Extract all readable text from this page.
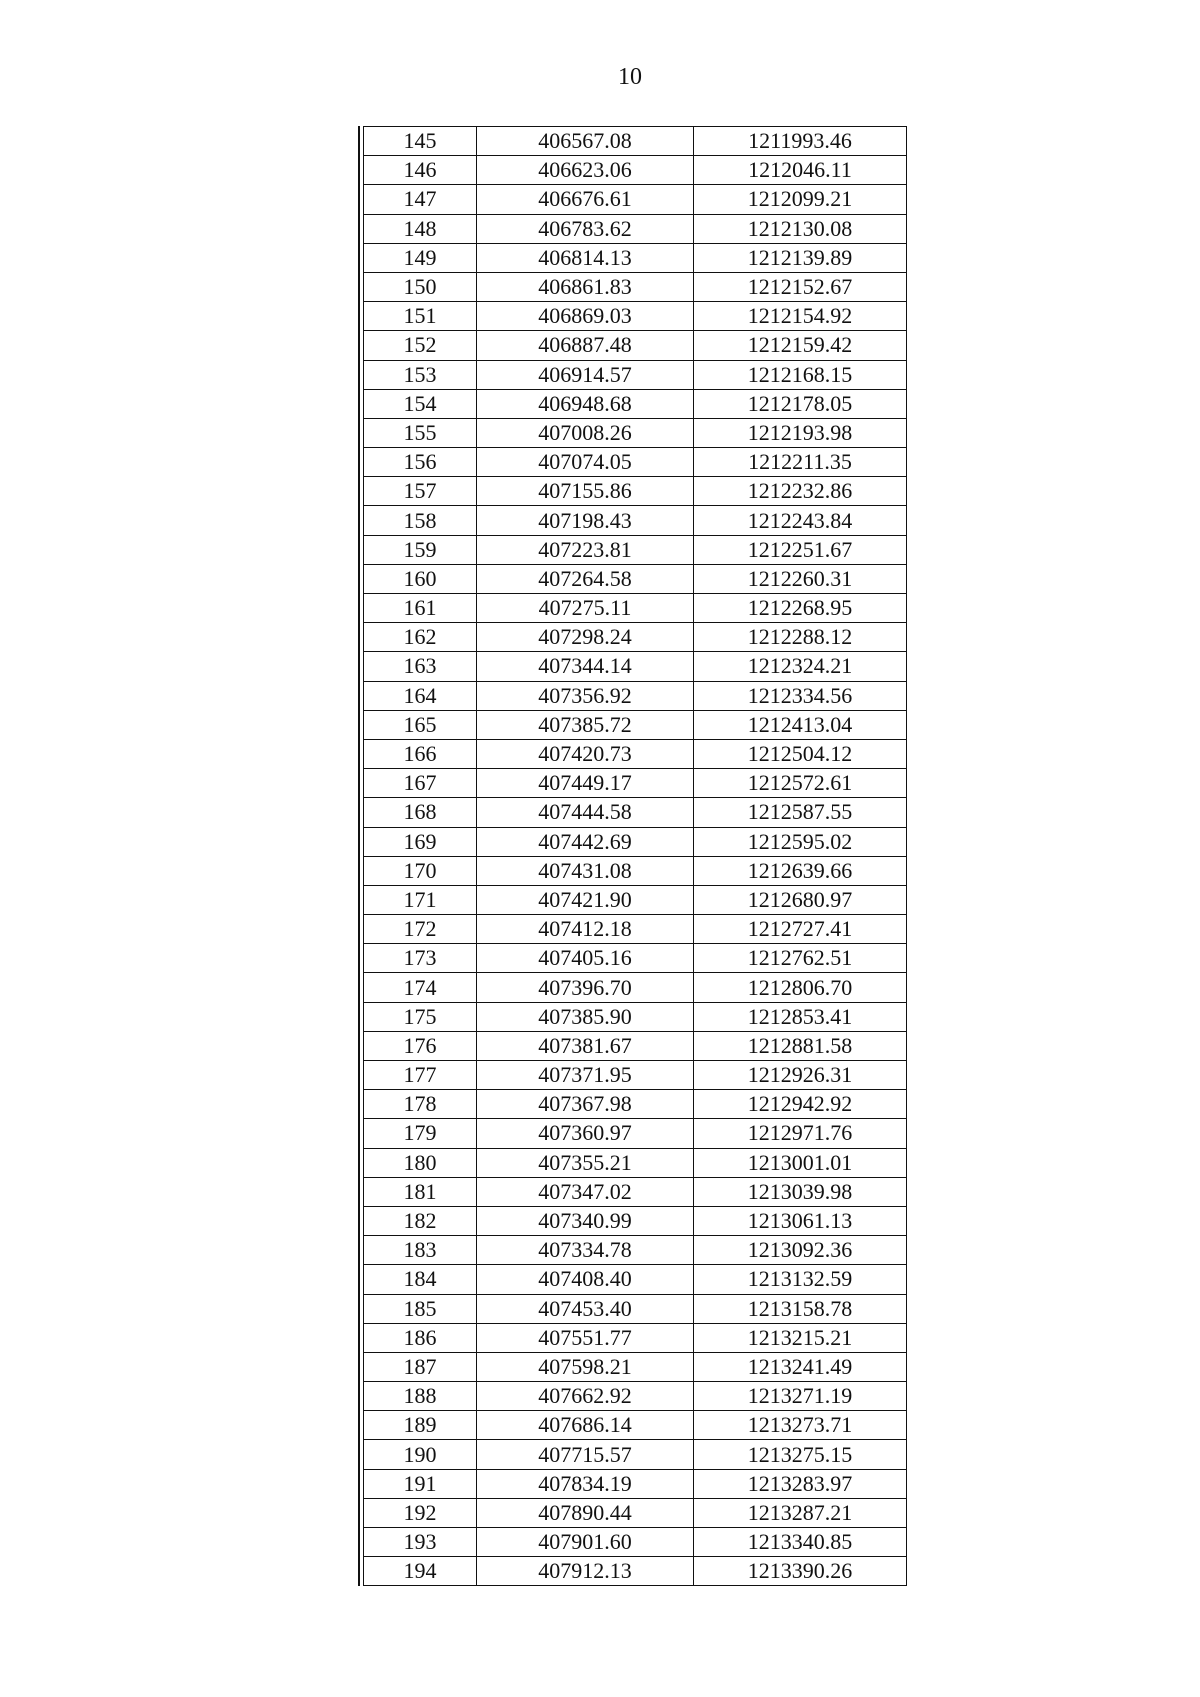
10
145	406567.08	1211993.46
146	406623.06	1212046.11
147	406676.61	1212099.21
148	406783.62	1212130.08
149	406814.13	1212139.89
150	406861.83	1212152.67
151	406869.03	1212154.92
152	406887.48	1212159.42
153	406914.57	1212168.15
154	406948.68	1212178.05
155	407008.26	1212193.98
156	407074.05	1212211.35
157	407155.86	1212232.86
158	407198.43	1212243.84
159	407223.81	1212251.67
160	407264.58	1212260.31
161	407275.11	1212268.95
162	407298.24	1212288.12
163	407344.14	1212324.21
164	407356.92	1212334.56
165	407385.72	1212413.04
166	407420.73	1212504.12
167	407449.17	1212572.61
168	407444.58	1212587.55
169	407442.69	1212595.02
170	407431.08	1212639.66
171	407421.90	1212680.97
172	407412.18	1212727.41
173	407405.16	1212762.51
174	407396.70	1212806.70
175	407385.90	1212853.41
176	407381.67	1212881.58
177	407371.95	1212926.31
178	407367.98	1212942.92
179	407360.97	1212971.76
180	407355.21	1213001.01
181	407347.02	1213039.98
182	407340.99	1213061.13
183	407334.78	1213092.36
184	407408.40	1213132.59
185	407453.40	1213158.78
186	407551.77	1213215.21
187	407598.21	1213241.49
188	407662.92	1213271.19
189	407686.14	1213273.71
190	407715.57	1213275.15
191	407834.19	1213283.97
192	407890.44	1213287.21
193	407901.60	1213340.85
194	407912.13	1213390.26
